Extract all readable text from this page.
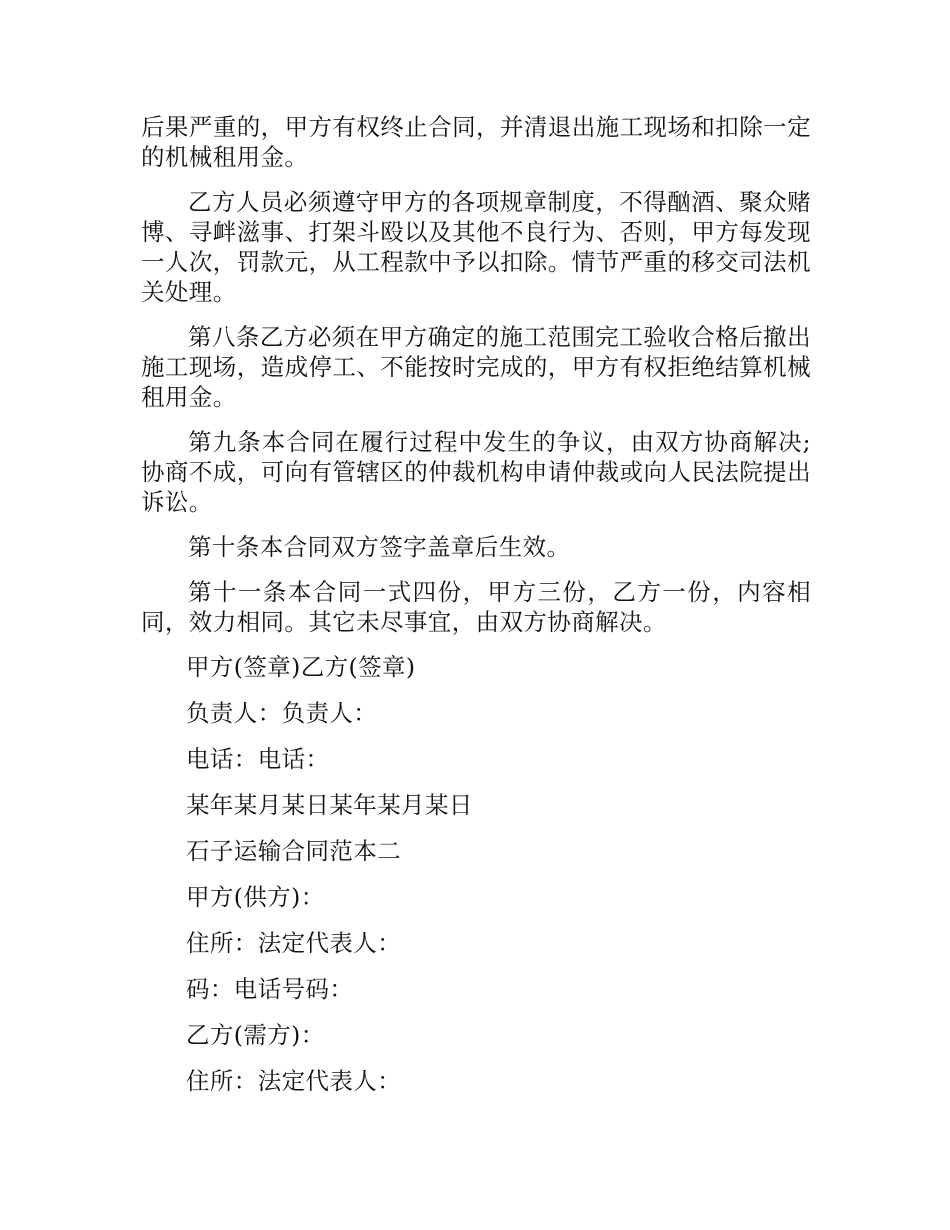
后果严重的，甲方有权终止合同，并清退出施工现场和扣除一定的机械租用金。

乙方人员必须遵守甲方的各项规章制度，不得酗酒、聚众赌博、寻衅滋事、打架斗殴以及其他不良行为、否则，甲方每发现一人次，罚款元，从工程款中予以扣除。情节严重的移交司法机关处理。

第八条乙方必须在甲方确定的施工范围完工验收合格后撤出施工现场，造成停工、不能按时完成的，甲方有权拒绝结算机械租用金。

第九条本合同在履行过程中发生的争议，由双方协商解决;协商不成，可向有管辖区的仲裁机构申请仲裁或向人民法院提出诉讼。

第十条本合同双方签字盖章后生效。

第十一条本合同一式四份，甲方三份，乙方一份，内容相同，效力相同。其它未尽事宜，由双方协商解决。

甲方(签章)乙方(签章)
负责人：负责人：
电话：电话：
某年某月某日某年某月某日
石子运输合同范本二
甲方(供方)：
住所：法定代表人：
码：电话号码：
乙方(需方)：
住所：法定代表人：
